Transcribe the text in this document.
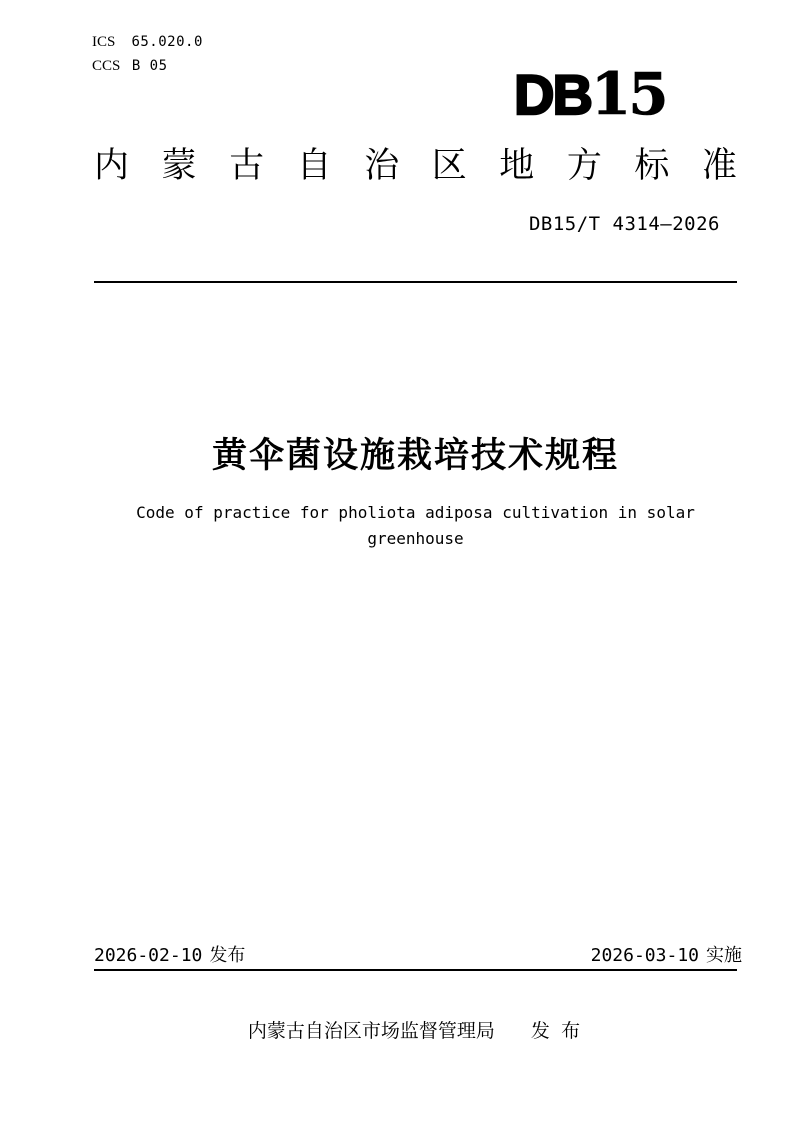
ICS 65.020.0
CCS B 05	DB15
内 蒙 古 自 治 区 地 方 标 准
DB15/T 4314—2026
黄伞菌设施栽培技术规程
Code of practice for pholiota adiposa cultivation in solar greenhouse
2026-02-10 发布	2026-03-10 实施
内蒙古自治区市场监督管理局 发 布
